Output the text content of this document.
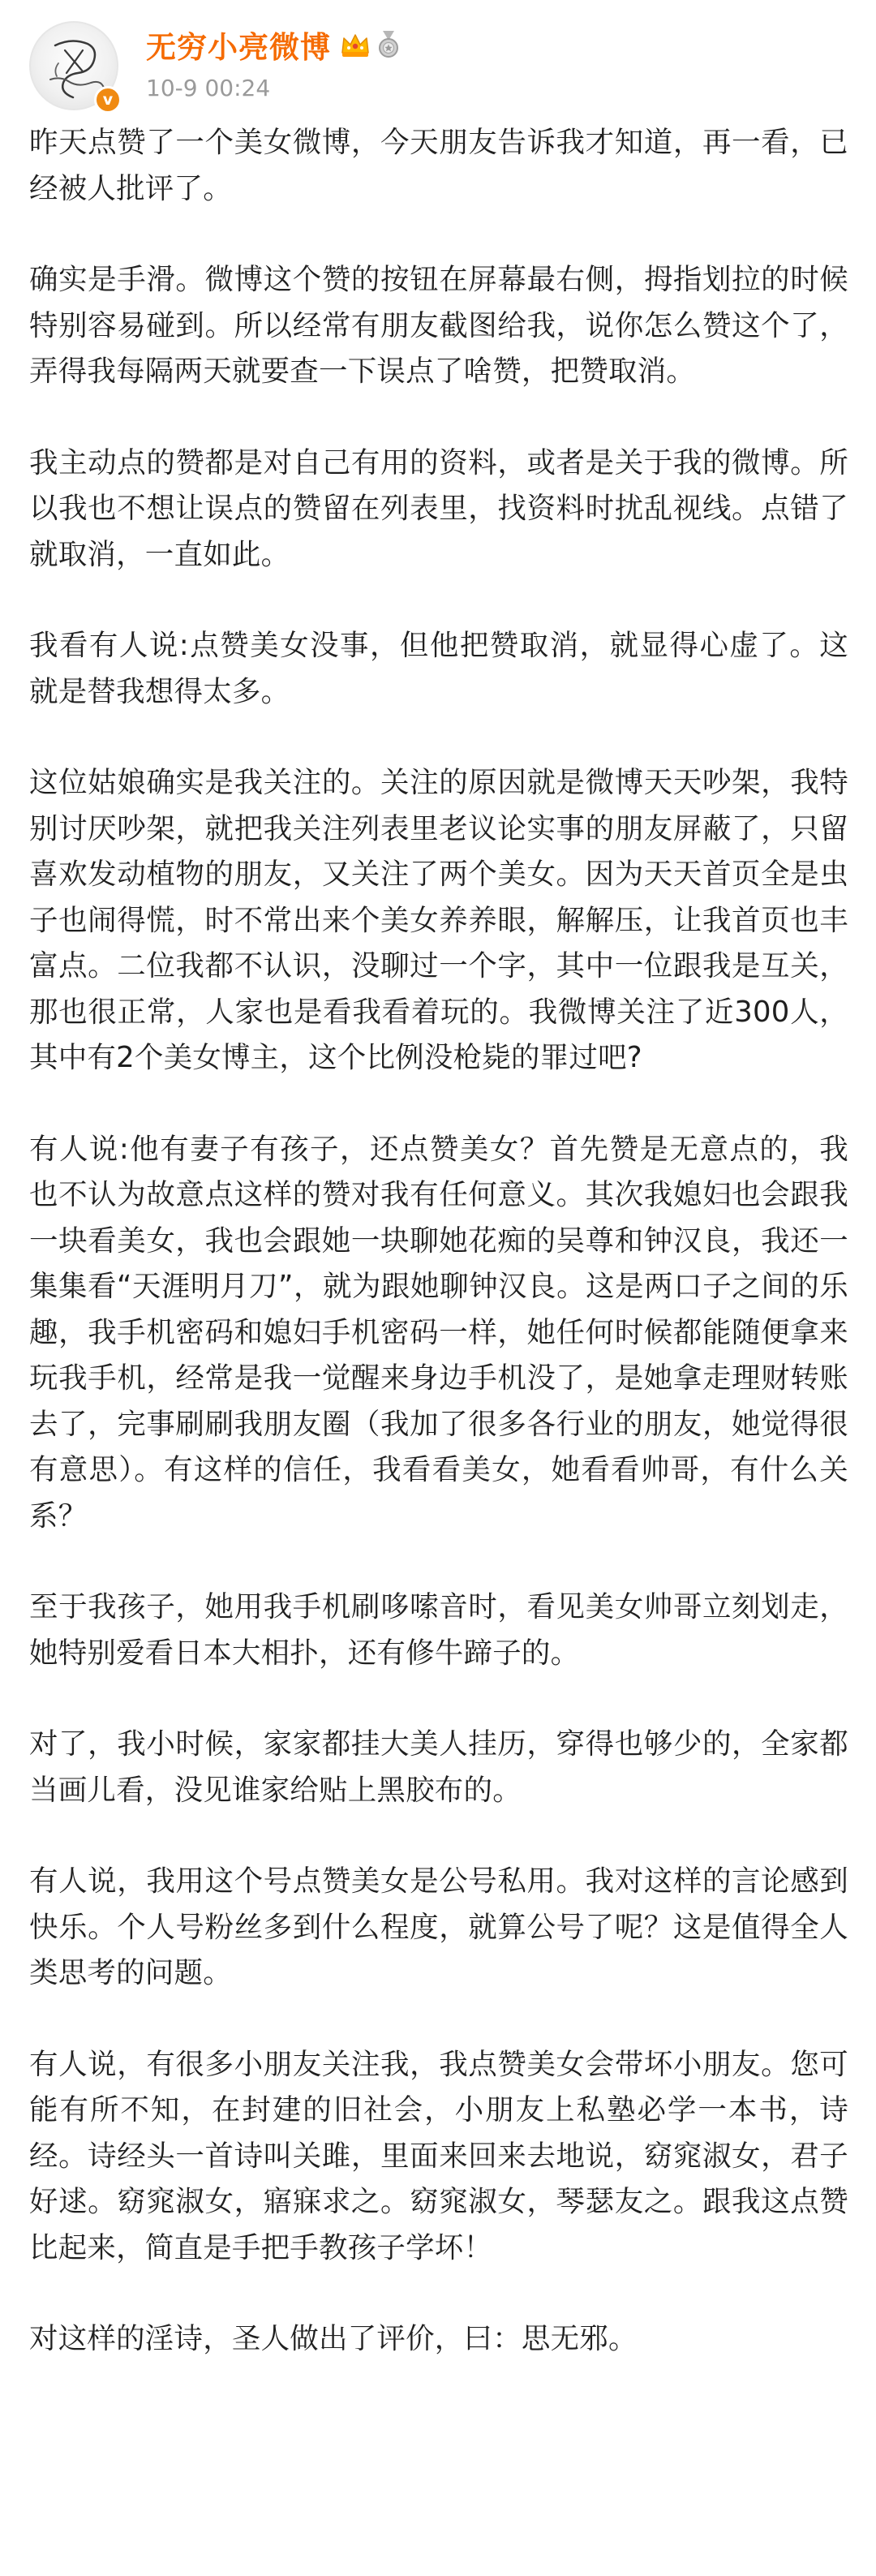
v
无穷小亮微博
10-9 00:24

昨天点赞了一个美女微博，今天朋友告诉我才知道，再一看，已经被人批评了。

确实是手滑。微博这个赞的按钮在屏幕最右侧，拇指划拉的时候特别容易碰到。所以经常有朋友截图给我，说你怎么赞这个了，弄得我每隔两天就要查一下误点了啥赞，把赞取消。

我主动点的赞都是对自己有用的资料，或者是关于我的微博。所以我也不想让误点的赞留在列表里，找资料时扰乱视线。点错了就取消，一直如此。

我看有人说:点赞美女没事，但他把赞取消，就显得心虚了。这就是替我想得太多。

这位姑娘确实是我关注的。关注的原因就是微博天天吵架，我特别讨厌吵架，就把我关注列表里老议论实事的朋友屏蔽了，只留喜欢发动植物的朋友，又关注了两个美女。因为天天首页全是虫子也闹得慌，时不常出来个美女养养眼，解解压，让我首页也丰富点。二位我都不认识，没聊过一个字，其中一位跟我是互关，那也很正常，人家也是看我看着玩的。我微博关注了近300人，其中有2个美女博主，这个比例没枪毙的罪过吧?

有人说:他有妻子有孩子，还点赞美女？首先赞是无意点的，我也不认为故意点这样的赞对我有任何意义。其次我媳妇也会跟我一块看美女，我也会跟她一块聊她花痴的吴尊和钟汉良，我还一集集看“天涯明月刀”，就为跟她聊钟汉良。这是两口子之间的乐趣，我手机密码和媳妇手机密码一样，她任何时候都能随便拿来玩我手机，经常是我一觉醒来身边手机没了，是她拿走理财转账去了，完事刷刷我朋友圈（我加了很多各行业的朋友，她觉得很有意思）。有这样的信任，我看看美女，她看看帅哥，有什么关系？

至于我孩子，她用我手机刷哆嗦音时，看见美女帅哥立刻划走，她特别爱看日本大相扑，还有修牛蹄子的。

对了，我小时候，家家都挂大美人挂历，穿得也够少的，全家都当画儿看，没见谁家给贴上黑胶布的。

有人说，我用这个号点赞美女是公号私用。我对这样的言论感到快乐。个人号粉丝多到什么程度，就算公号了呢？这是值得全人类思考的问题。

有人说，有很多小朋友关注我，我点赞美女会带坏小朋友。您可能有所不知，在封建的旧社会，小朋友上私塾必学一本书，诗经。诗经头一首诗叫关雎，里面来回来去地说，窈窕淑女，君子好逑。窈窕淑女，寤寐求之。窈窕淑女，琴瑟友之。跟我这点赞比起来，简直是手把手教孩子学坏！

对这样的淫诗，圣人做出了评价，曰：思无邪。
